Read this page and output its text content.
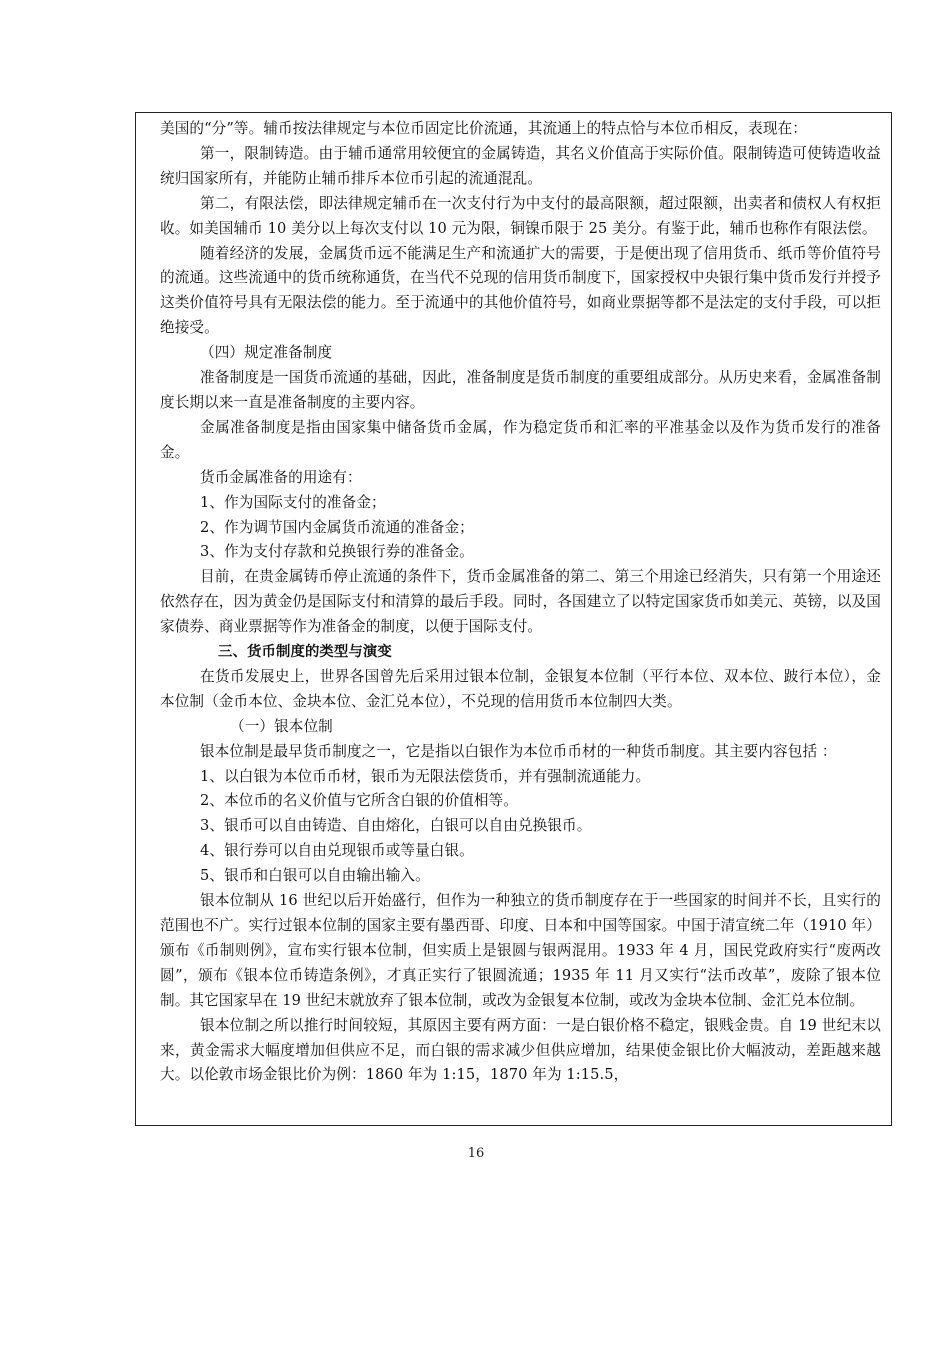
美国的“分”等。辅币按法律规定与本位币固定比价流通，其流通上的特点恰与本位币相反，表现在：

第一，限制铸造。由于辅币通常用较便宜的金属铸造，其名义价值高于实际价值。限制铸造可使铸造收益统归国家所有，并能防止辅币排斥本位币引起的流通混乱。

第二，有限法偿，即法律规定辅币在一次支付行为中支付的最高限额，超过限额，出卖者和债权人有权拒收。如美国辅币 10 美分以上每次支付以 10 元为限，铜镍币限于 25 美分。有鉴于此，辅币也称作有限法偿。

随着经济的发展，金属货币远不能满足生产和流通扩大的需要，于是便出现了信用货币、纸币等价值符号的流通。这些流通中的货币统称通货，在当代不兑现的信用货币制度下，国家授权中央银行集中货币发行并授予这类价值符号具有无限法偿的能力。至于流通中的其他价值符号，如商业票据等都不是法定的支付手段，可以拒绝接受。

（四）规定准备制度

准备制度是一国货币流通的基础，因此，准备制度是货币制度的重要组成部分。从历史来看，金属准备制度长期以来一直是准备制度的主要内容。

金属准备制度是指由国家集中储备货币金属，作为稳定货币和汇率的平准基金以及作为货币发行的准备金。

货币金属准备的用途有：

1、作为国际支付的准备金；

2、作为调节国内金属货币流通的准备金；

3、作为支付存款和兑换银行券的准备金。

目前，在贵金属铸币停止流通的条件下，货币金属准备的第二、第三个用途已经消失，只有第一个用途还依然存在，因为黄金仍是国际支付和清算的最后手段。同时，各国建立了以特定国家货币如美元、英镑，以及国家债券、商业票据等作为准备金的制度，以便于国际支付。

三、货币制度的类型与演变

在货币发展史上，世界各国曾先后采用过银本位制，金银复本位制（平行本位、双本位、跛行本位），金本位制（金币本位、金块本位、金汇兑本位），不兑现的信用货币本位制四大类。

（一）银本位制

银本位制是最早货币制度之一，它是指以白银作为本位币币材的一种货币制度。其主要内容包括 ：

1、以白银为本位币币材，银币为无限法偿货币，并有强制流通能力。

2、本位币的名义价值与它所含白银的价值相等。

3、银币可以自由铸造、自由熔化，白银可以自由兑换银币。

4、银行券可以自由兑现银币或等量白银。

5、银币和白银可以自由输出输入。

银本位制从 16 世纪以后开始盛行，但作为一种独立的货币制度存在于一些国家的时间并不长，且实行的范围也不广。实行过银本位制的国家主要有墨西哥、印度、日本和中国等国家。中国于清宣统二年（1910 年）颁布《币制则例》，宣布实行银本位制，但实质上是银圆与银两混用。1933 年 4 月，国民党政府实行“废两改圆”，颁布《银本位币铸造条例》，才真正实行了银圆流通；1935 年 11 月又实行“法币改革”，废除了银本位制。其它国家早在 19 世纪末就放弃了银本位制，或改为金银复本位制，或改为金块本位制、金汇兑本位制。

银本位制之所以推行时间较短，其原因主要有两方面：一是白银价格不稳定，银贱金贵。自 19 世纪末以来，黄金需求大幅度增加但供应不足，而白银的需求减少但供应增加，结果使金银比价大幅波动，差距越来越大。以伦敦市场金银比价为例：1860 年为 1:15，1870 年为 1:15.5，

16
